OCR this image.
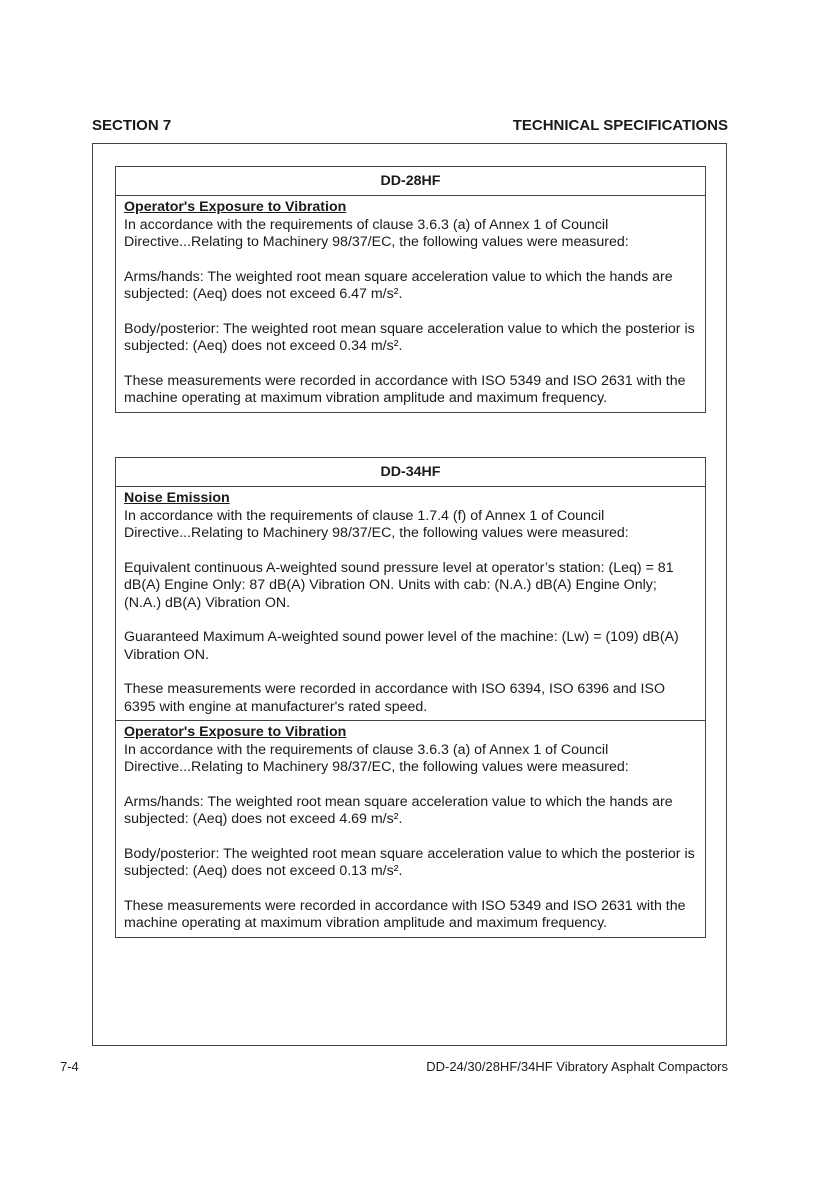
SECTION 7	TECHNICAL SPECIFICATIONS
DD-28HF
Operator's Exposure to Vibration

In accordance with the requirements of clause 3.6.3 (a) of Annex 1 of Council Directive...Relating to Machinery 98/37/EC, the following values were measured:

Arms/hands: The weighted root mean square acceleration value to which the hands are subjected: (Aeq) does not exceed 6.47 m/s².

Body/posterior: The weighted root mean square acceleration value to which the posterior is subjected: (Aeq) does not exceed 0.34 m/s².

These measurements were recorded in accordance with ISO 5349 and ISO 2631 with the machine operating at maximum vibration amplitude and maximum frequency.

DD-34HF
Noise Emission

In accordance with the requirements of clause 1.7.4 (f) of Annex 1 of Council Directive...Relating to Machinery 98/37/EC, the following values were measured:

Equivalent continuous A-weighted sound pressure level at operator’s station: (Leq) = 81 dB(A) Engine Only: 87 dB(A) Vibration ON. Units with cab: (N.A.) dB(A) Engine Only; (N.A.) dB(A) Vibration ON.

Guaranteed Maximum A-weighted sound power level of the machine: (Lw) = (109) dB(A) Vibration ON.

These measurements were recorded in accordance with ISO 6394, ISO 6396 and ISO 6395 with engine at manufacturer's rated speed.

Operator's Exposure to Vibration

In accordance with the requirements of clause 3.6.3 (a) of Annex 1 of Council Directive...Relating to Machinery 98/37/EC, the following values were measured:

Arms/hands: The weighted root mean square acceleration value to which the hands are subjected: (Aeq) does not exceed 4.69 m/s².

Body/posterior: The weighted root mean square acceleration value to which the posterior is subjected: (Aeq) does not exceed 0.13 m/s².

These measurements were recorded in accordance with ISO 5349 and ISO 2631 with the machine operating at maximum vibration amplitude and maximum frequency.

7-4	DD-24/30/28HF/34HF Vibratory Asphalt Compactors
